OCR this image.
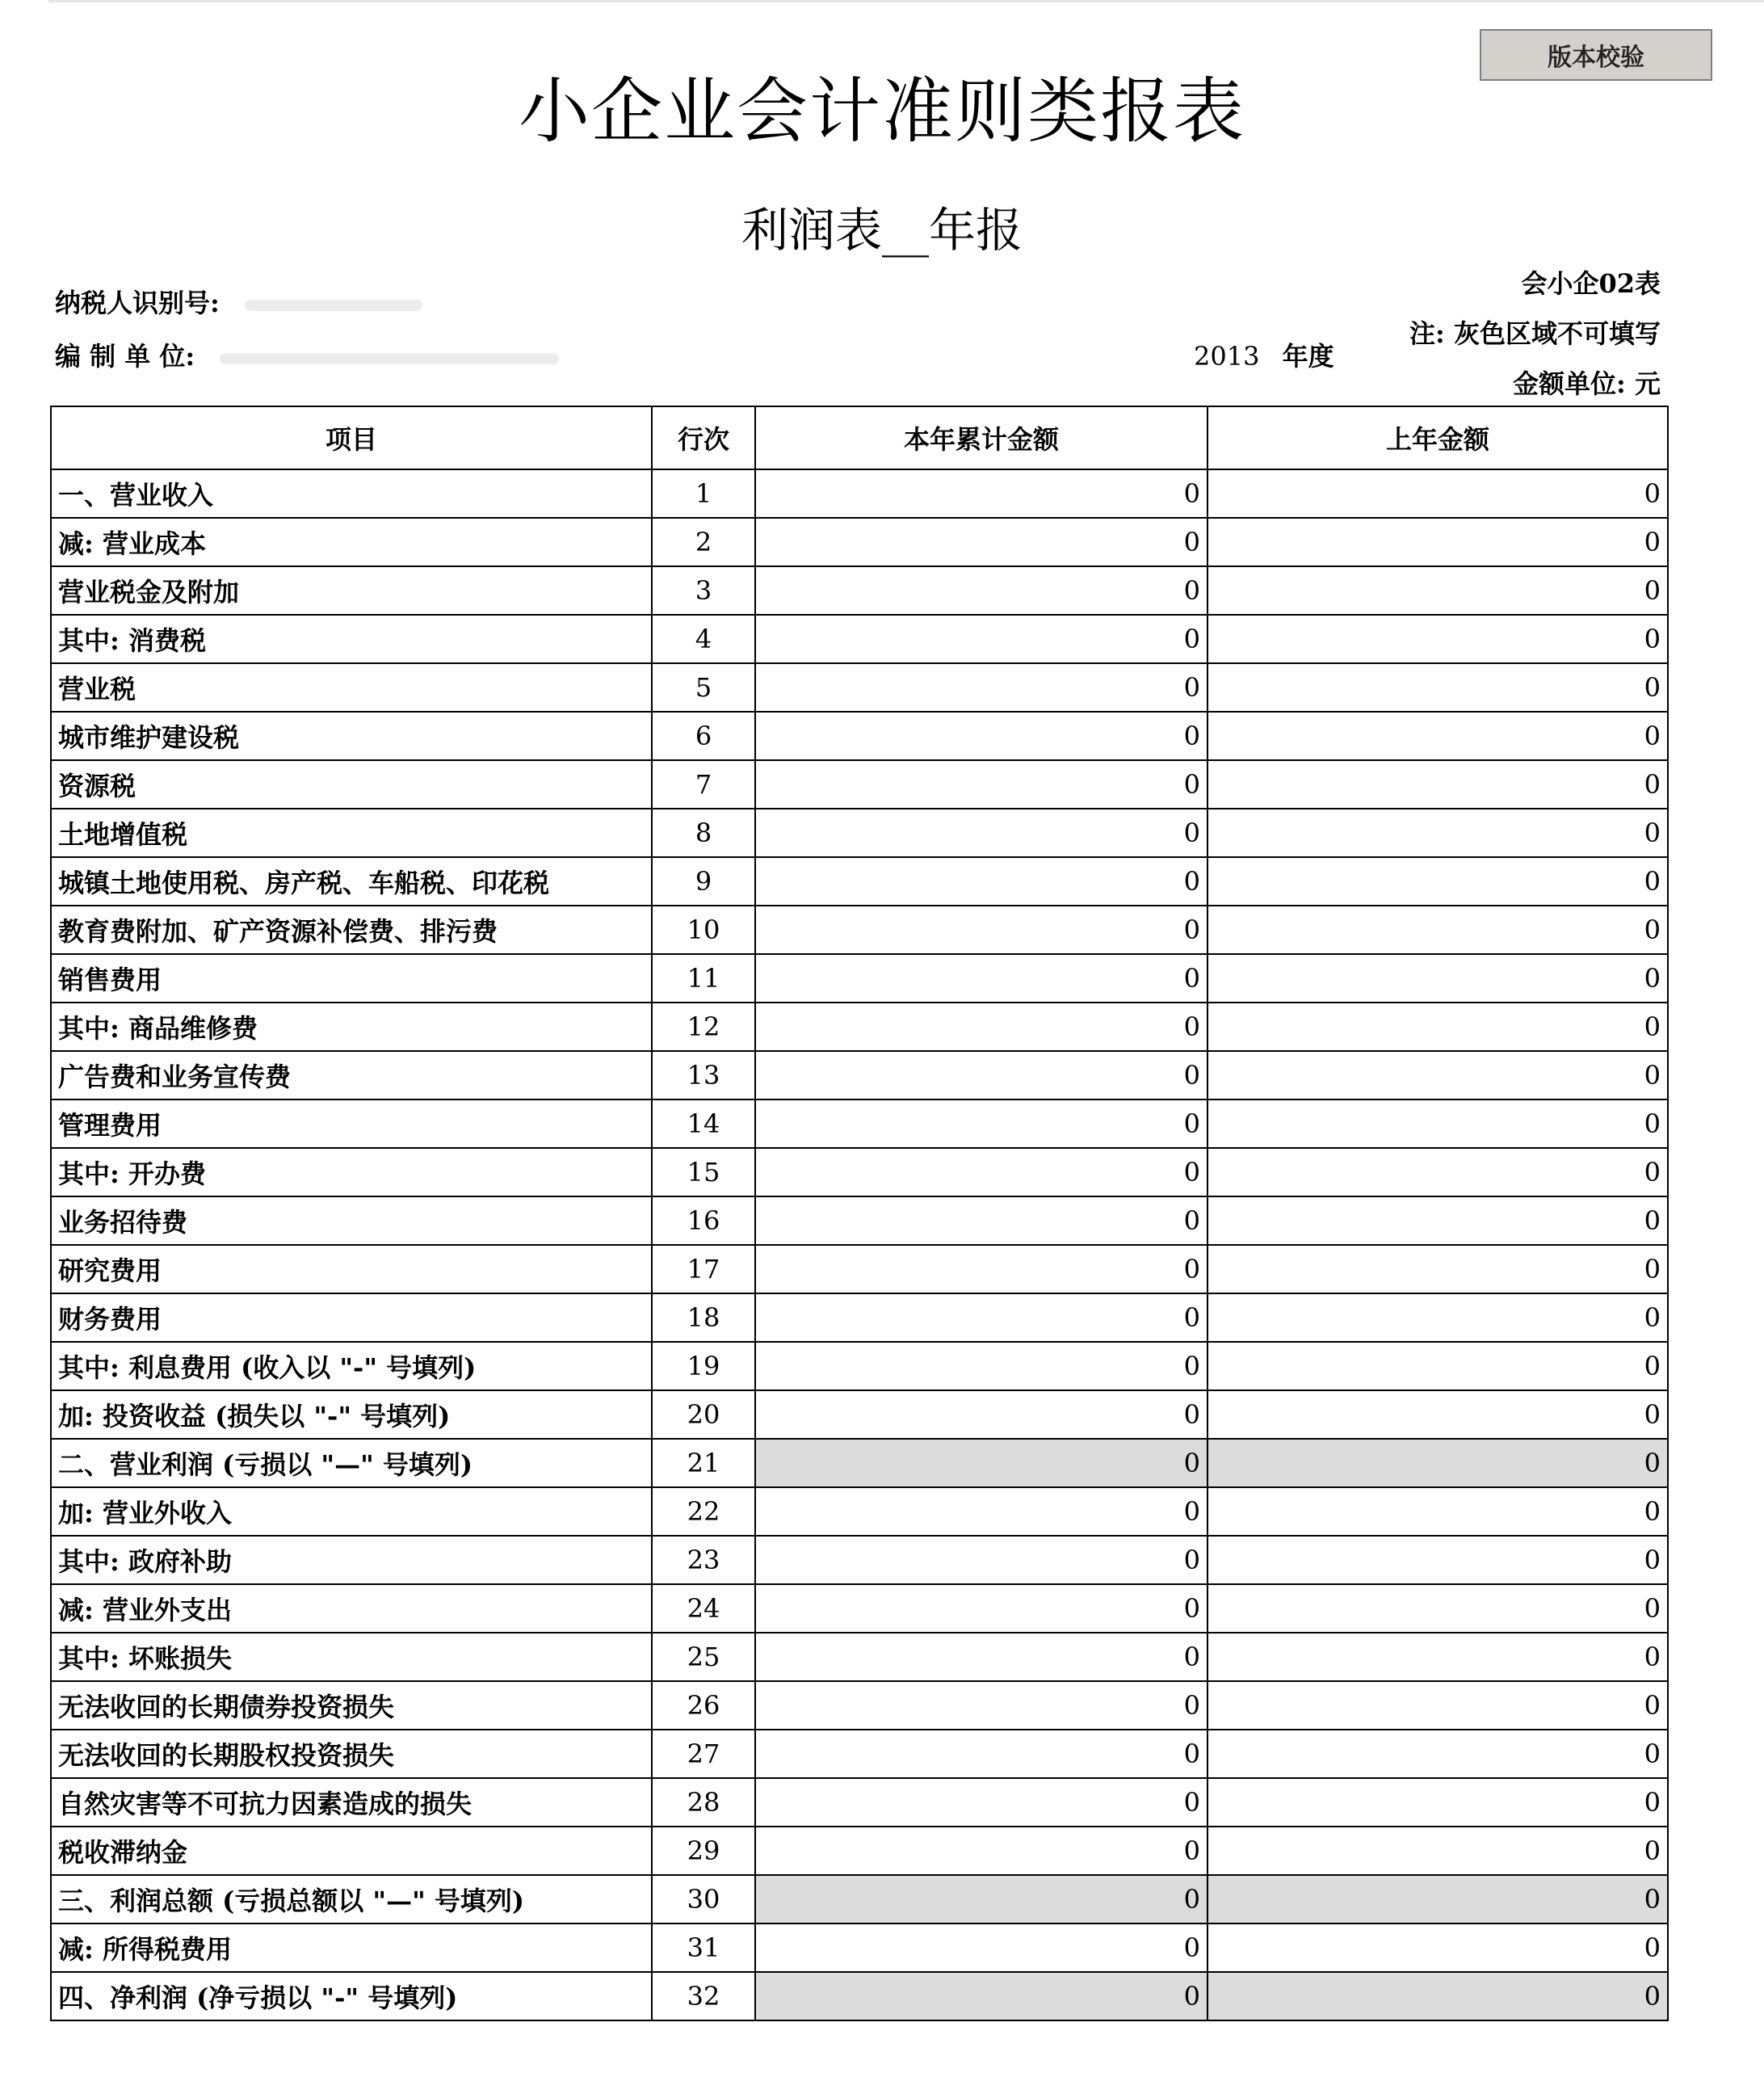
版本校验
小企业会计准则类报表
利润表__年报
纳税人识别号:
编 制 单 位:	2013 年度
会小企02表
注: 灰色区域不可填写
金额单位: 元
项目	行次	本年累计金额	上年金额
一、营业收入	1	0	0
减: 营业成本	2	0	0
营业税金及附加	3	0	0
其中: 消费税	4	0	0
营业税	5	0	0
城市维护建设税	6	0	0
资源税	7	0	0
土地增值税	8	0	0
城镇土地使用税、房产税、车船税、印花税	9	0	0
教育费附加、矿产资源补偿费、排污费	10	0	0
销售费用	11	0	0
其中: 商品维修费	12	0	0
广告费和业务宣传费	13	0	0
管理费用	14	0	0
其中: 开办费	15	0	0
业务招待费	16	0	0
研究费用	17	0	0
财务费用	18	0	0
其中: 利息费用 (收入以 "-" 号填列)	19	0	0
加: 投资收益 (损失以 "-" 号填列)	20	0	0
二、营业利润 (亏损以 "—" 号填列)	21	0	0
加: 营业外收入	22	0	0
其中: 政府补助	23	0	0
减: 营业外支出	24	0	0
其中: 坏账损失	25	0	0
无法收回的长期债券投资损失	26	0	0
无法收回的长期股权投资损失	27	0	0
自然灾害等不可抗力因素造成的损失	28	0	0
税收滞纳金	29	0	0
三、利润总额 (亏损总额以 "—" 号填列)	30	0	0
减: 所得税费用	31	0	0
四、净利润 (净亏损以 "-" 号填列)	32	0	0
